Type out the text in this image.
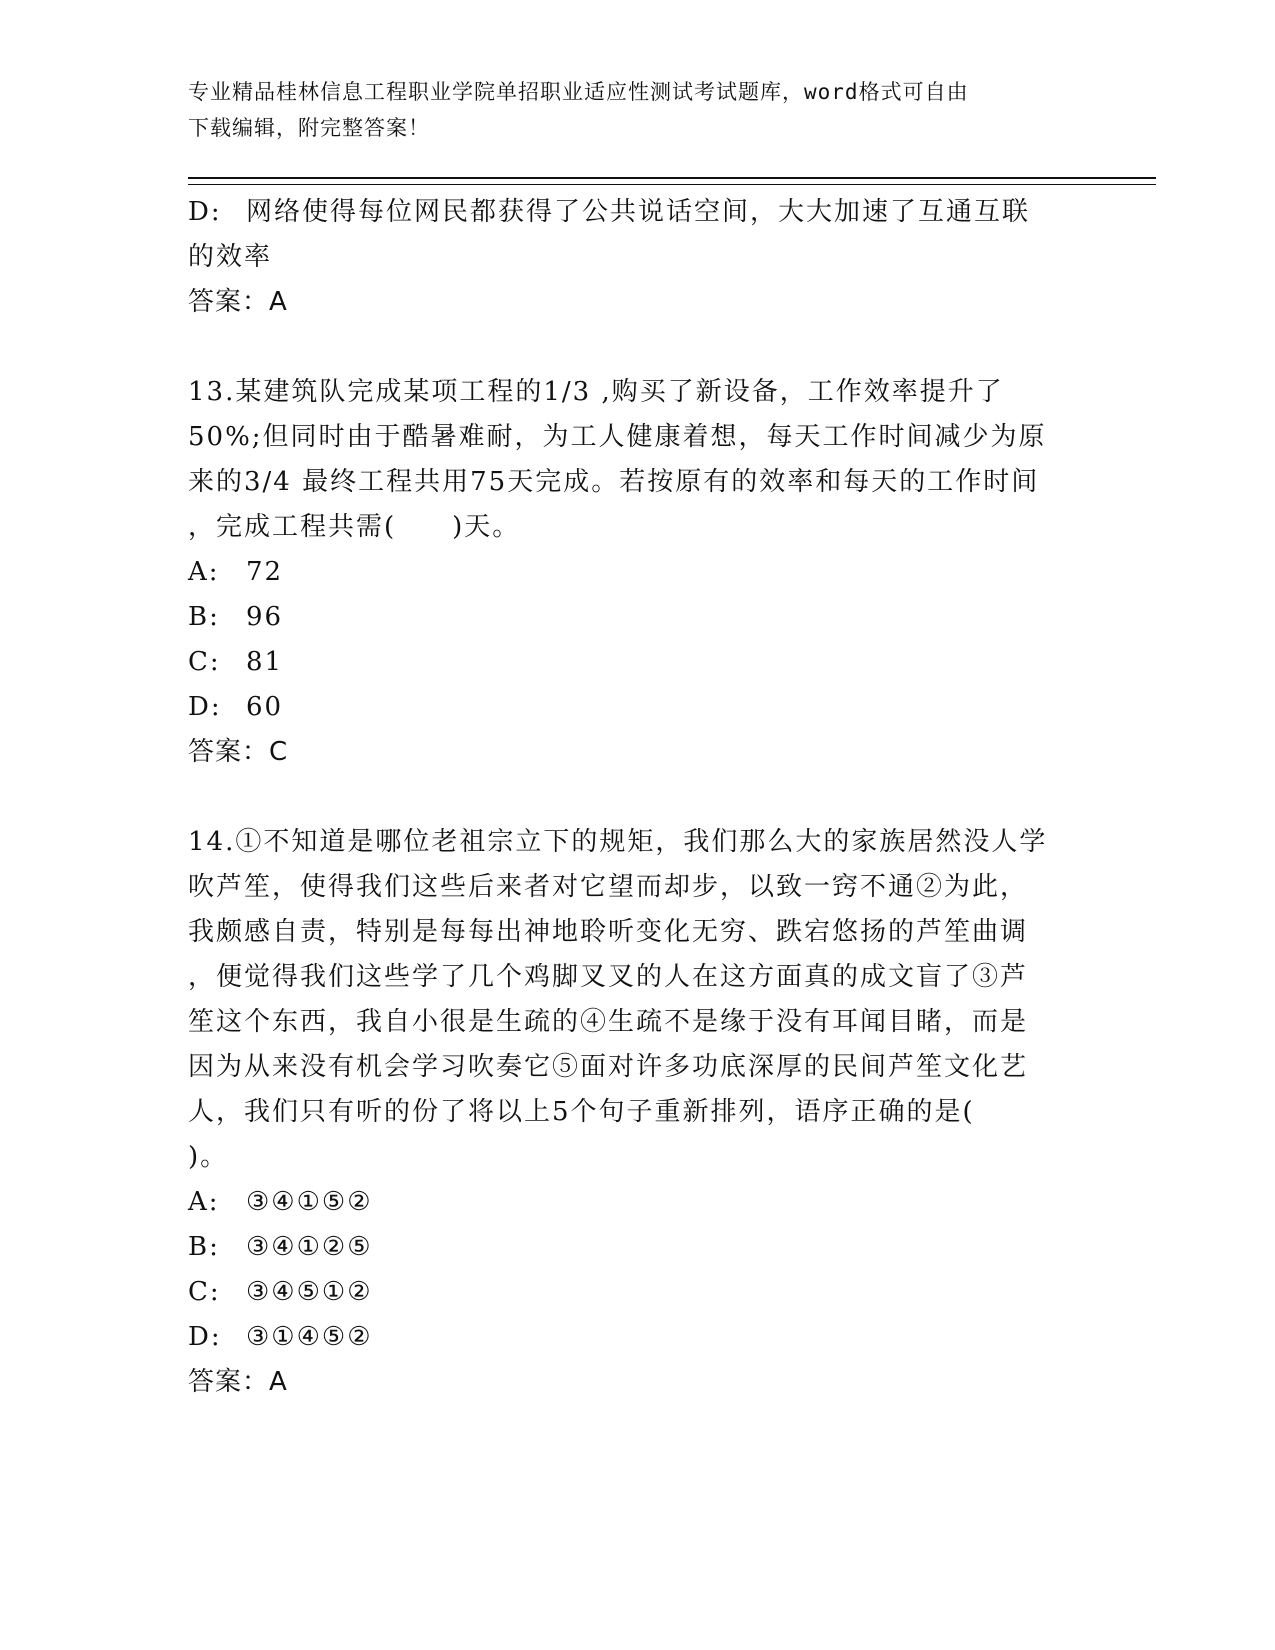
专业精品桂林信息工程职业学院单招职业适应性测试考试题库，word格式可自由
下载编辑，附完整答案！
D: 网络使得每位网民都获得了公共说话空间，大大加速了互通互联
的效率
答案：A
13.某建筑队完成某项工程的1/3 ,购买了新设备，工作效率提升了
50%;但同时由于酷暑难耐，为工人健康着想，每天工作时间减少为原
来的3/4 最终工程共用75天完成。若按原有的效率和每天的工作时间
，完成工程共需(　　)天。
A: 72
B: 96
C: 81
D: 60
答案：C
14.①不知道是哪位老祖宗立下的规矩，我们那么大的家族居然没人学
吹芦笙，使得我们这些后来者对它望而却步，以致一窍不通②为此，
我颇感自责，特别是每每出神地聆听变化无穷、跌宕悠扬的芦笙曲调
，便觉得我们这些学了几个鸡脚叉叉的人在这方面真的成文盲了③芦
笙这个东西，我自小很是生疏的④生疏不是缘于没有耳闻目睹，而是
因为从来没有机会学习吹奏它⑤面对许多功底深厚的民间芦笙文化艺
人，我们只有听的份了将以上5个句子重新排列，语序正确的是(
)。
A: ③④①⑤②
B: ③④①②⑤
C: ③④⑤①②
D: ③①④⑤②
答案：A
